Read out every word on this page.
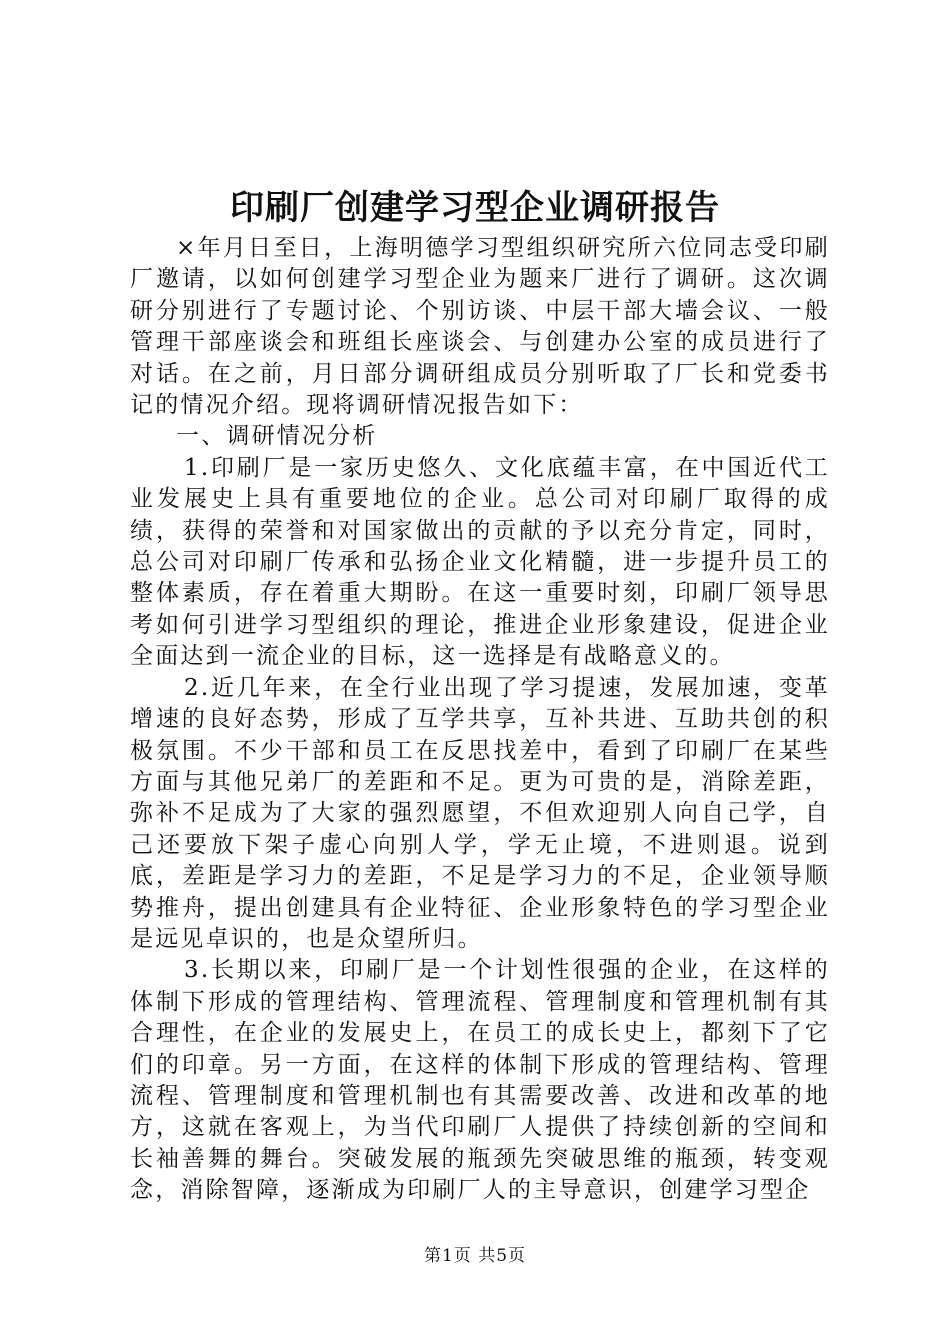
印刷厂创建学习型企业调研报告

×年月日至日，上海明德学习型组织研究所六位同志受印刷厂邀请，以如何创建学习型企业为题来厂进行了调研。这次调研分别进行了专题讨论、个别访谈、中层干部大墙会议、一般管理干部座谈会和班组长座谈会、与创建办公室的成员进行了对话。在之前，月日部分调研组成员分别听取了厂长和党委书记的情况介绍。现将调研情况报告如下：

一、调研情况分析

1.印刷厂是一家历史悠久、文化底蕴丰富，在中国近代工业发展史上具有重要地位的企业。总公司对印刷厂取得的成绩，获得的荣誉和对国家做出的贡献的予以充分肯定，同时，总公司对印刷厂传承和弘扬企业文化精髓，进一步提升员工的整体素质，存在着重大期盼。在这一重要时刻，印刷厂领导思考如何引进学习型组织的理论，推进企业形象建设，促进企业全面达到一流企业的目标，这一选择是有战略意义的。

2.近几年来，在全行业出现了学习提速，发展加速，变革增速的良好态势，形成了互学共享，互补共进、互助共创的积极氛围。不少干部和员工在反思找差中，看到了印刷厂在某些方面与其他兄弟厂的差距和不足。更为可贵的是，消除差距，弥补不足成为了大家的强烈愿望，不但欢迎别人向自己学，自己还要放下架子虚心向别人学，学无止境，不进则退。说到底，差距是学习力的差距，不足是学习力的不足，企业领导顺势推舟，提出创建具有企业特征、企业形象特色的学习型企业是远见卓识的，也是众望所归。

3.长期以来，印刷厂是一个计划性很强的企业，在这样的体制下形成的管理结构、管理流程、管理制度和管理机制有其合理性，在企业的发展史上，在员工的成长史上，都刻下了它们的印章。另一方面，在这样的体制下形成的管理结构、管理流程、管理制度和管理机制也有其需要改善、改进和改革的地方，这就在客观上，为当代印刷厂人提供了持续创新的空间和长袖善舞的舞台。突破发展的瓶颈先突破思维的瓶颈，转变观念，消除智障，逐渐成为印刷厂人的主导意识，创建学习型企

第1页 共5页
